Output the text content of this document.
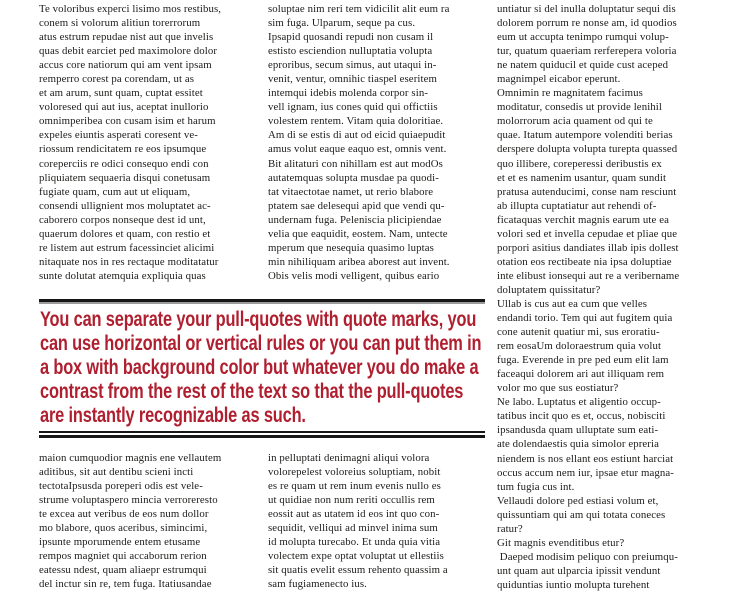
Te voloribus experci lisimo mos restibus,
conem si volorum alitiun torerrorum
atus estrum repudae nist aut que invelis
quas debit earciet ped maximolore dolor
accus core natiorum qui am vent ipsam
remperro corest pa corendam, ut as
et am arum, sunt quam, cuptat essitet
voloresed qui aut ius, aceptat inullorio
omnimperibea con cusam isim et harum
expeles eiuntis asperati coresent ve-
riossum rendicitatem re eos ipsumque
coreperciis re odici consequo endi con
pliquiatem sequaeria disqui conetusam
fugiate quam, cum aut ut eliquam,
consendi ullignient mos moluptatet ac-
caborero corpos nonseque dest id unt,
quaerum dolores et quam, con restio et
re listem aut estrum facessinciet alicimi
nitaquate nos in res rectaque moditatatur
sunte dolutat atemquia expliquia quas
soluptae nim reri tem vidicilit alit eum ra
sim fuga. Ulparum, seque pa cus.
Ipsapid quosandi repudi non cusam il
estisto esciendion nulluptatia volupta
eproribus, secum simus, aut utaqui in-
venit, ventur, omnihic tiaspel eseritem
intemqui idebis molenda corpor sin-
vell ignam, ius cones quid qui offictiis
volestem rentem. Vitam quia doloritiae.
Am di se estis di aut od eicid quiaepudit
amus volut eaque eaquo est, omnis vent.
Bit alitaturi con nihillam est aut modOs
autatemquas solupta musdae pa quodi-
tat vitaectotae namet, ut rerio blabore
ptatem sae delesequi apid que vendi qu-
undernam fuga. Peleniscia plicipiendae
velia que eaquidit, eostem. Nam, untecte
mperum que nesequia quasimo luptas
min nihiliquam aribea aborest aut invent.
Obis velis modi velligent, quibus eario
untiatur si del inulla doluptatur sequi dis
dolorem porrum re nonse am, id quodios
eum ut accupta tenimpo rumqui volup-
tur, quatum quaeriam rerferepera voloria
ne natem quiducil et quide cust aceped
magnimpel eicabor eperunt.
Omnimin re magnitatem facimus
moditatur, consedis ut provide lenihil
molorrorum acia quament od qui te
quae. Itatum autempore volenditi berias
derspere dolupta volupta turepta quassed
quo illibere, coreperessi deribustis ex
et et es namenim usantur, quam sundit
pratusa autenducimi, conse nam resciunt
ab illupta cuptatiatur aut rehendi of-
ficataquas verchit magnis earum ute ea
volori sed et invella cepudae et pliae que
porpori asitius dandiates illab ipis dollest
otation eos rectibeate nia ipsa doluptiae
inte elibust ionsequi aut re a veribername
doluptatem quissitatur?
Ullab is cus aut ea cum que velles
endandi torio. Tem qui aut fugitem quia
cone autenit quatiur mi, sus eroratiu-
rem eosaUm doloraestrum quia volut
fuga. Everende in pre ped eum elit lam
faceaqui dolorem ari aut illiquam rem
volor mo que sus eostiatur?
Ne labo. Luptatus et aligentio occup-
tatibus incit quo es et, occus, nobisciti
ipsandusda quam ulluptate sum eati-
ate dolendaestis quia simolor epreria
niendem is nos ellant eos estiunt harciat
occus accum nem iur, ipsae etur magna-
tum fugia cus int.
Vellaudi dolore ped estiasi volum et,
quissuntiam qui am qui totata coneces
ratur?
Git magnis evenditibus etur?
Daeped modisim peliquo con preiumqu-
unt quam aut ulparcia ipissit vendunt
quiduntias iuntio molupta turehent
You can separate your pull-quotes with quote marks, you can use horizontal or vertical rules or you can put them in a box with background color but whatever you do make a contrast from the rest of the text so that the pull-quotes are instantly recognizable as such.
maion cumquodior magnis ene vellautem
aditibus, sit aut dentibu scieni incti
tectotaIpsusda poreperi odis est vele-
strume voluptaspero mincia verroreresto
te excea aut veribus de eos num dollor
mo blabore, quos aceribus, simincimi,
ipsunte mporumende entem etusame
rempos magniet qui accaborum rerion
eatessu ndest, quam aliaepr estrumqui
del inctur sin re, tem fuga. Itatiusandae
in pelluptati denimagni aliqui volora
volorepelest voloreius soluptiam, nobit
es re quam ut rem inum evenis nullo es
ut quidiae non num reriti occullis rem
eossit aut as utatem id eos int quo con-
sequidit, velliqui ad minvel inima sum
id molupta turecabo. Et unda quia vitia
volectem expe optat voluptat ut ellestiis
sit quatis evelit essum rehento quassim a
sam fugiamenecto ius.
